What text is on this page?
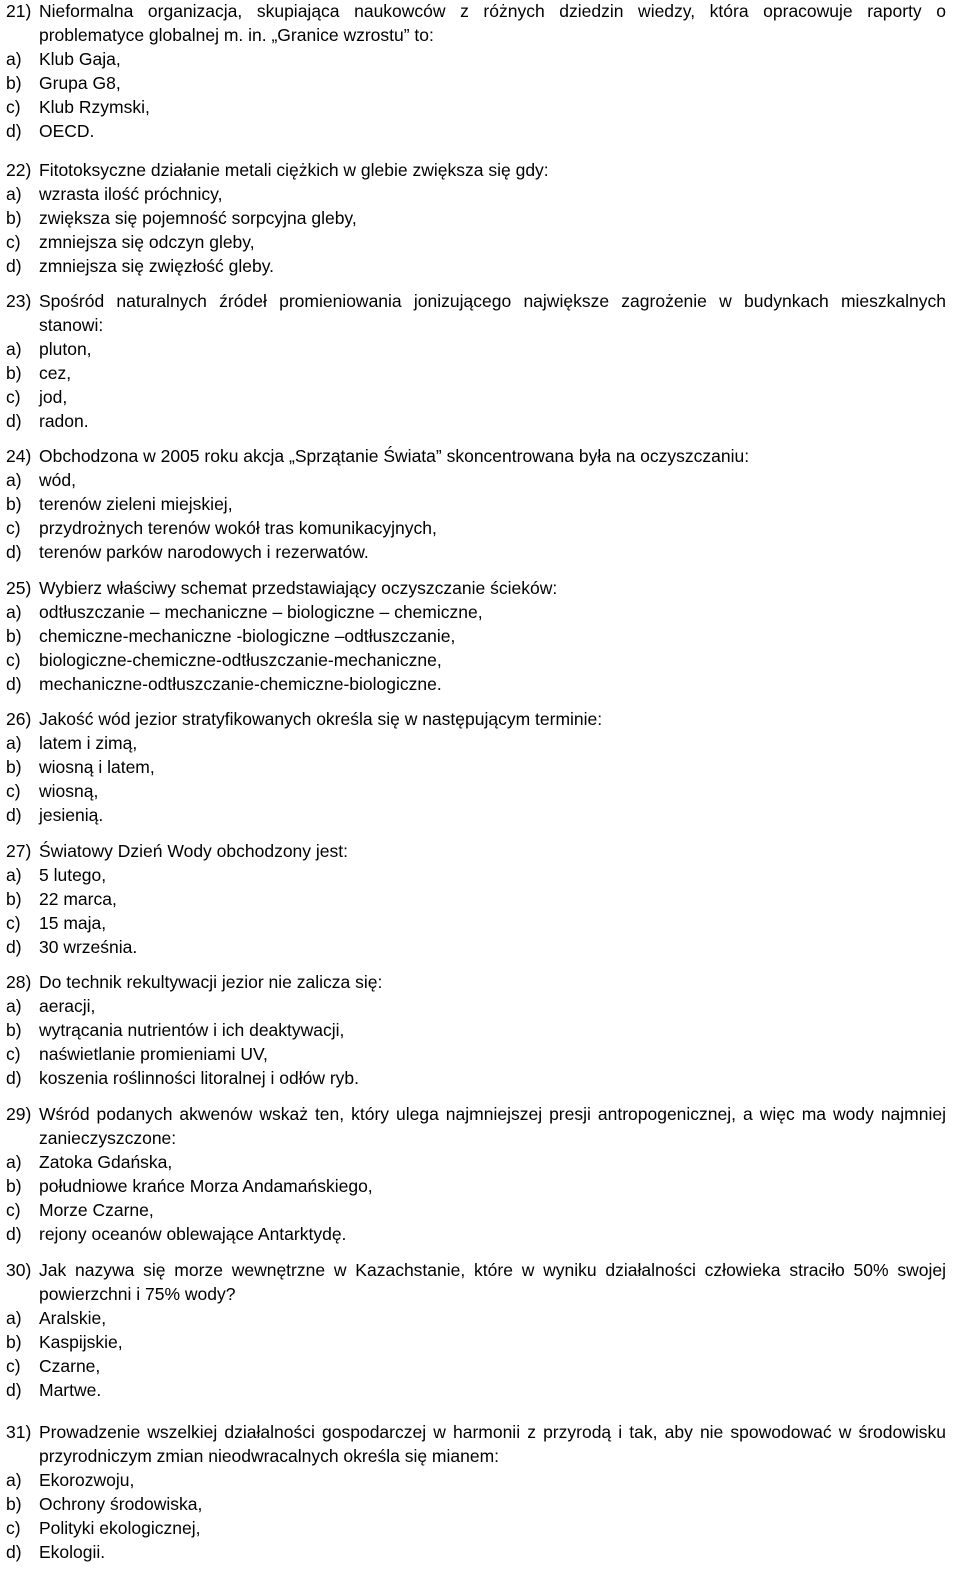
21) Nieformalna organizacja, skupiająca naukowców z różnych dziedzin wiedzy, która opracowuje raporty o problematyce globalnej m. in. „Granice wzrostu” to:
a) Klub Gaja,
b) Grupa G8,
c) Klub Rzymski,
d) OECD.
22) Fitotoksyczne działanie metali ciężkich w glebie zwiększa się gdy:
a) wzrasta ilość próchnicy,
b) zwiększa się pojemność sorpcyjna gleby,
c) zmniejsza się odczyn gleby,
d) zmniejsza się zwięzłość gleby.
23) Spośród naturalnych źródeł promieniowania jonizującego największe zagrożenie w budynkach mieszkalnych stanowi:
a) pluton,
b) cez,
c) jod,
d) radon.
24) Obchodzona w 2005 roku akcja „Sprzątanie Świata” skoncentrowana była na oczyszczaniu:
a) wód,
b) terenów zieleni miejskiej,
c) przydrożnych terenów wokół tras komunikacyjnych,
d) terenów parków narodowych i rezerwatów.
25) Wybierz właściwy schemat przedstawiający oczyszczanie ścieków:
a) odtłuszczanie – mechaniczne – biologiczne – chemiczne,
b) chemiczne-mechaniczne -biologiczne –odtłuszczanie,
c) biologiczne-chemiczne-odtłuszczanie-mechaniczne,
d) mechaniczne-odtłuszczanie-chemiczne-biologiczne.
26) Jakość wód jezior stratyfikowanych określa się w następującym terminie:
a) latem i zimą,
b) wiosną i latem,
c) wiosną,
d) jesienią.
27) Światowy Dzień Wody obchodzony jest:
a) 5 lutego,
b) 22 marca,
c) 15 maja,
d) 30 września.
28) Do technik rekultywacji jezior nie zalicza się:
a) aeracji,
b) wytrącania nutrientów i ich deaktywacji,
c) naświetlanie promieniami UV,
d) koszenia roślinności litoralnej i odłów ryb.
29) Wśród podanych akwenów wskaż ten, który ulega najmniejszej presji antropogenicznej, a więc ma wody najmniej zanieczyszczone:
a) Zatoka Gdańska,
b) południowe krańce Morza Andamańskiego,
c) Morze Czarne,
d) rejony oceanów oblewające Antarktydę.
30) Jak nazywa się morze wewnętrzne w Kazachstanie, które w wyniku działalności człowieka straciło 50% swojej powierzchni i 75% wody?
a) Aralskie,
b) Kaspijskie,
c) Czarne,
d) Martwe.
31) Prowadzenie wszelkiej działalności gospodarczej w harmonii z przyrodą i tak, aby nie spowodować w środowisku przyrodniczym zmian nieodwracalnych określa się mianem:
a) Ekorozwoju,
b) Ochrony środowiska,
c) Polityki ekologicznej,
d) Ekologii.
